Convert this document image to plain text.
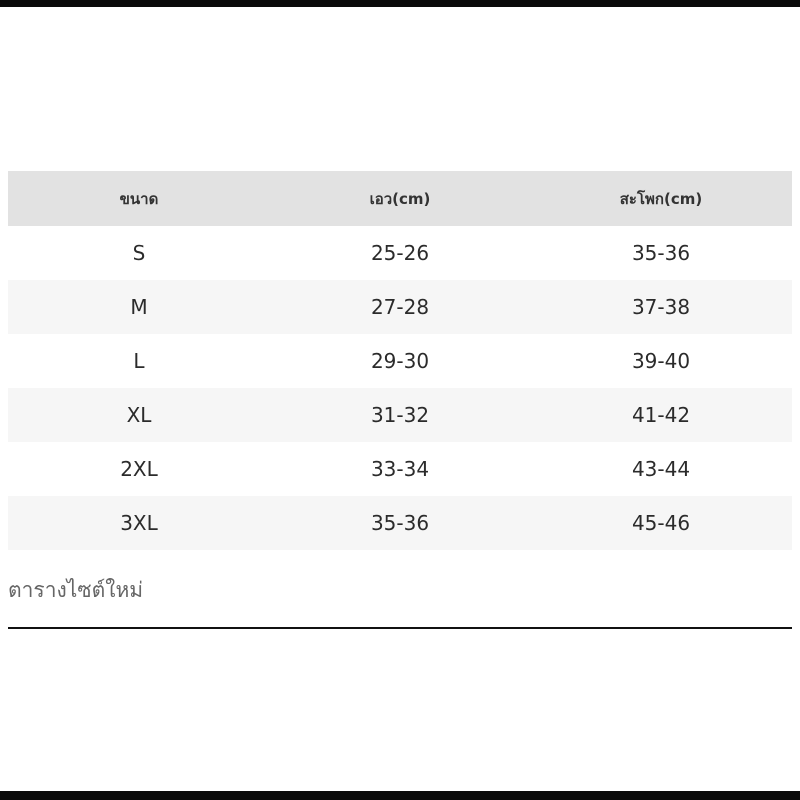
ขนาด	เอว(cm)	สะโพก(cm)
S	25-26	35-36
M	27-28	37-38
L	29-30	39-40
XL	31-32	41-42
2XL	33-34	43-44
3XL	35-36	45-46
ตารางไซต์ใหม่
